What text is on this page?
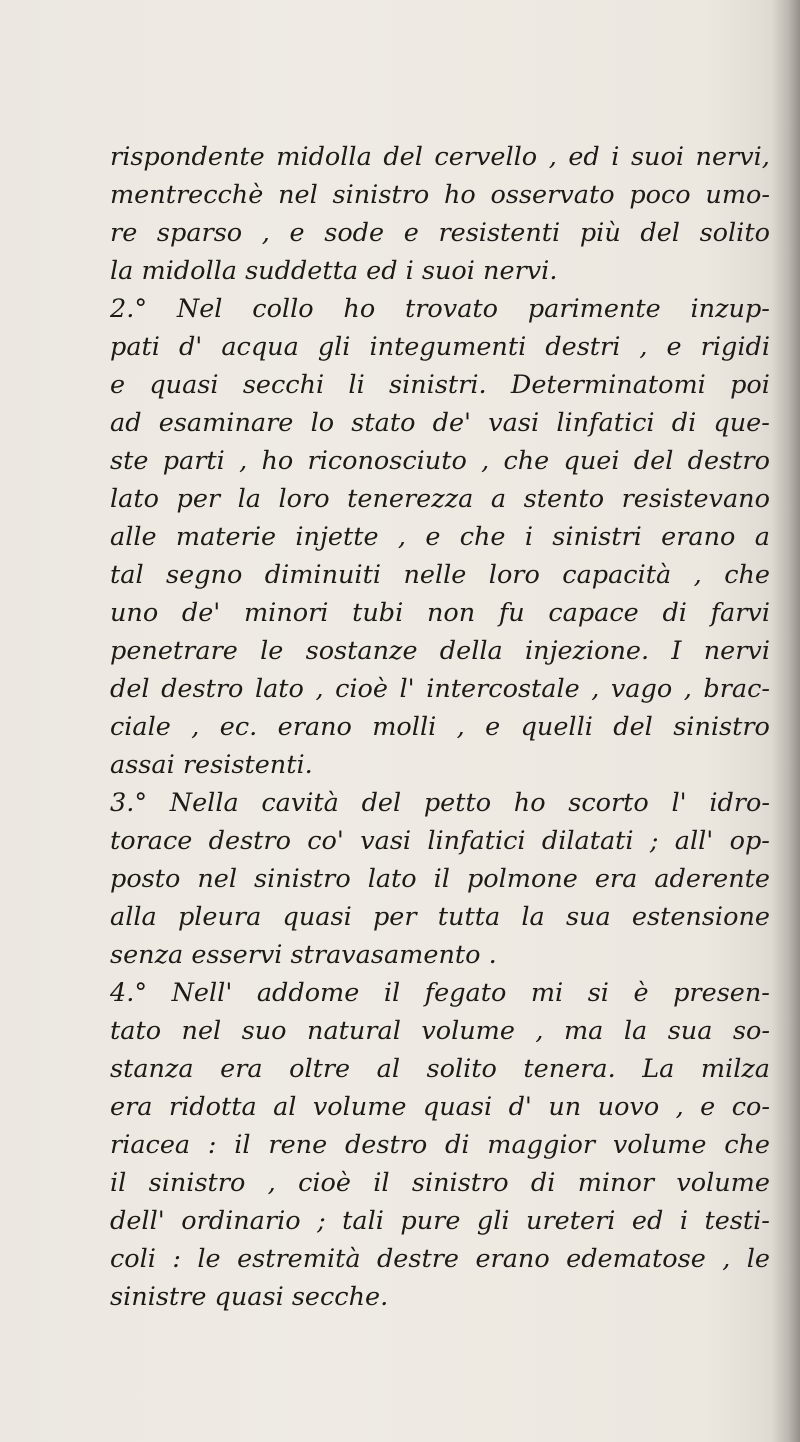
rispondente midolla del cervello , ed i suoi nervi,
mentrecchè nel sinistro ho osservato poco umo-
re sparso , e sode e resistenti più del solito
la midolla suddetta ed i suoi nervi.
2.° Nel collo ho trovato parimente inzup-
pati d' acqua gli integumenti destri , e rigidi
e quasi secchi li sinistri. Determinatomi poi
ad esaminare lo stato de' vasi linfatici di que-
ste parti , ho riconosciuto , che quei del destro
lato per la loro tenerezza a stento resistevano
alle materie injette , e che i sinistri erano a
tal segno diminuiti nelle loro capacità , che
uno de' minori tubi non fu capace di farvi
penetrare le sostanze della injezione. I nervi
del destro lato , cioè l' intercostale , vago , brac-
ciale , ec. erano molli , e quelli del sinistro
assai resistenti.
3.° Nella cavità del petto ho scorto l' idro-
torace destro co' vasi linfatici dilatati ; all' op-
posto nel sinistro lato il polmone era aderente
alla pleura quasi per tutta la sua estensione
senza esservi stravasamento .
4.° Nell' addome il fegato mi si è presen-
tato nel suo natural volume , ma la sua so-
stanza era oltre al solito tenera. La milza
era ridotta al volume quasi d' un uovo , e co-
riacea : il rene destro di maggior volume che
il sinistro , cioè il sinistro di minor volume
dell' ordinario ; tali pure gli ureteri ed i testi-
coli : le estremità destre erano edematose , le
sinistre quasi secche.
